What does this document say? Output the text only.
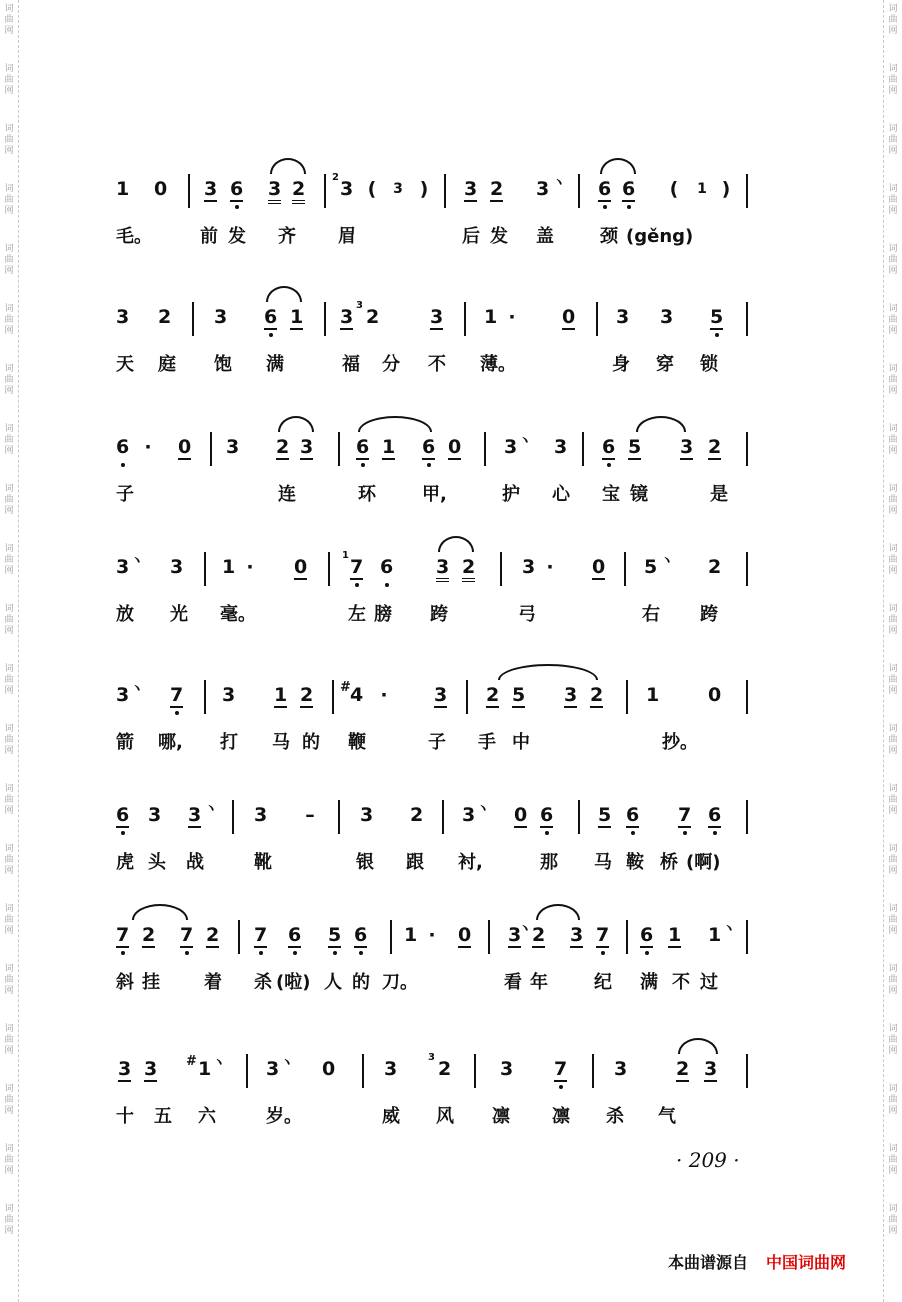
词
曲
网
词
曲
网
词
曲
网
词
曲
网
词
曲
网
词
曲
网
词
曲
网
词
曲
网
词
曲
网
词
曲
网
词
曲
网
词
曲
网
词
曲
网
词
曲
网
词
曲
网
词
曲
网
词
曲
网
词
曲
网
词
曲
网
词
曲
网
词
曲
网
词
曲
网
词
曲
网
词
曲
网
词
曲
网
词
曲
网
词
曲
网
词
曲
网
词
曲
网
词
曲
网
词
曲
网
词
曲
网
词
曲
网
词
曲
网
词
曲
网
词
曲
网
词
曲
网
词
曲
网
词
曲
网
词
曲
网
词
曲
网
词
曲
网
1 0 3 6 3 2
2
3 ( 3 ) 3 2 3 ヽ 6 6 ( 1 )
毛。	前 发 齐 眉	后 发 盖	颈 (gěng)
3 2 3 6 1 3
3
2	3 1 · 0 3 3 5
天 庭 饱 满	福 分 不 薄。	身 穿 锁
6 · 0 3 2 3 6 1 6 0 3 ヽ 3 6 5 3 2
子	连	环	甲,	护 心 宝 镜	是
3 ヽ 3 1 · 0
1
7 6 3 2 3 · 0 5 ヽ 2
放 光 毫。	左 膀 跨	弓	右 跨
3 ヽ 7 3 1 2 # 4 · 3 2 5 3 2 1	0
箭 哪, 打 马 的 鞭	子 手 中	抄。
6 3 3 ヽ 3 – 3 2 3 ヽ 0 6 5 6 7 6
虎 头 战	靴	银 跟 衬,	那 马 鞍 桥 (啊)
7 2 7 2 7 6 5 6 1 · 0 3
ヽ 2 3 7 6 1 1 ヽ
斜 挂 着 杀 (啦) 人 的 刀。	看 年	纪 满 不 过
3 3 # 1 ヽ 3 ヽ 0	3
3
2	3 7 3	2 3
十 五 六	岁。	威 风 凛 凛 杀 气
· 209 ·
本曲谱源自 中国词曲网
